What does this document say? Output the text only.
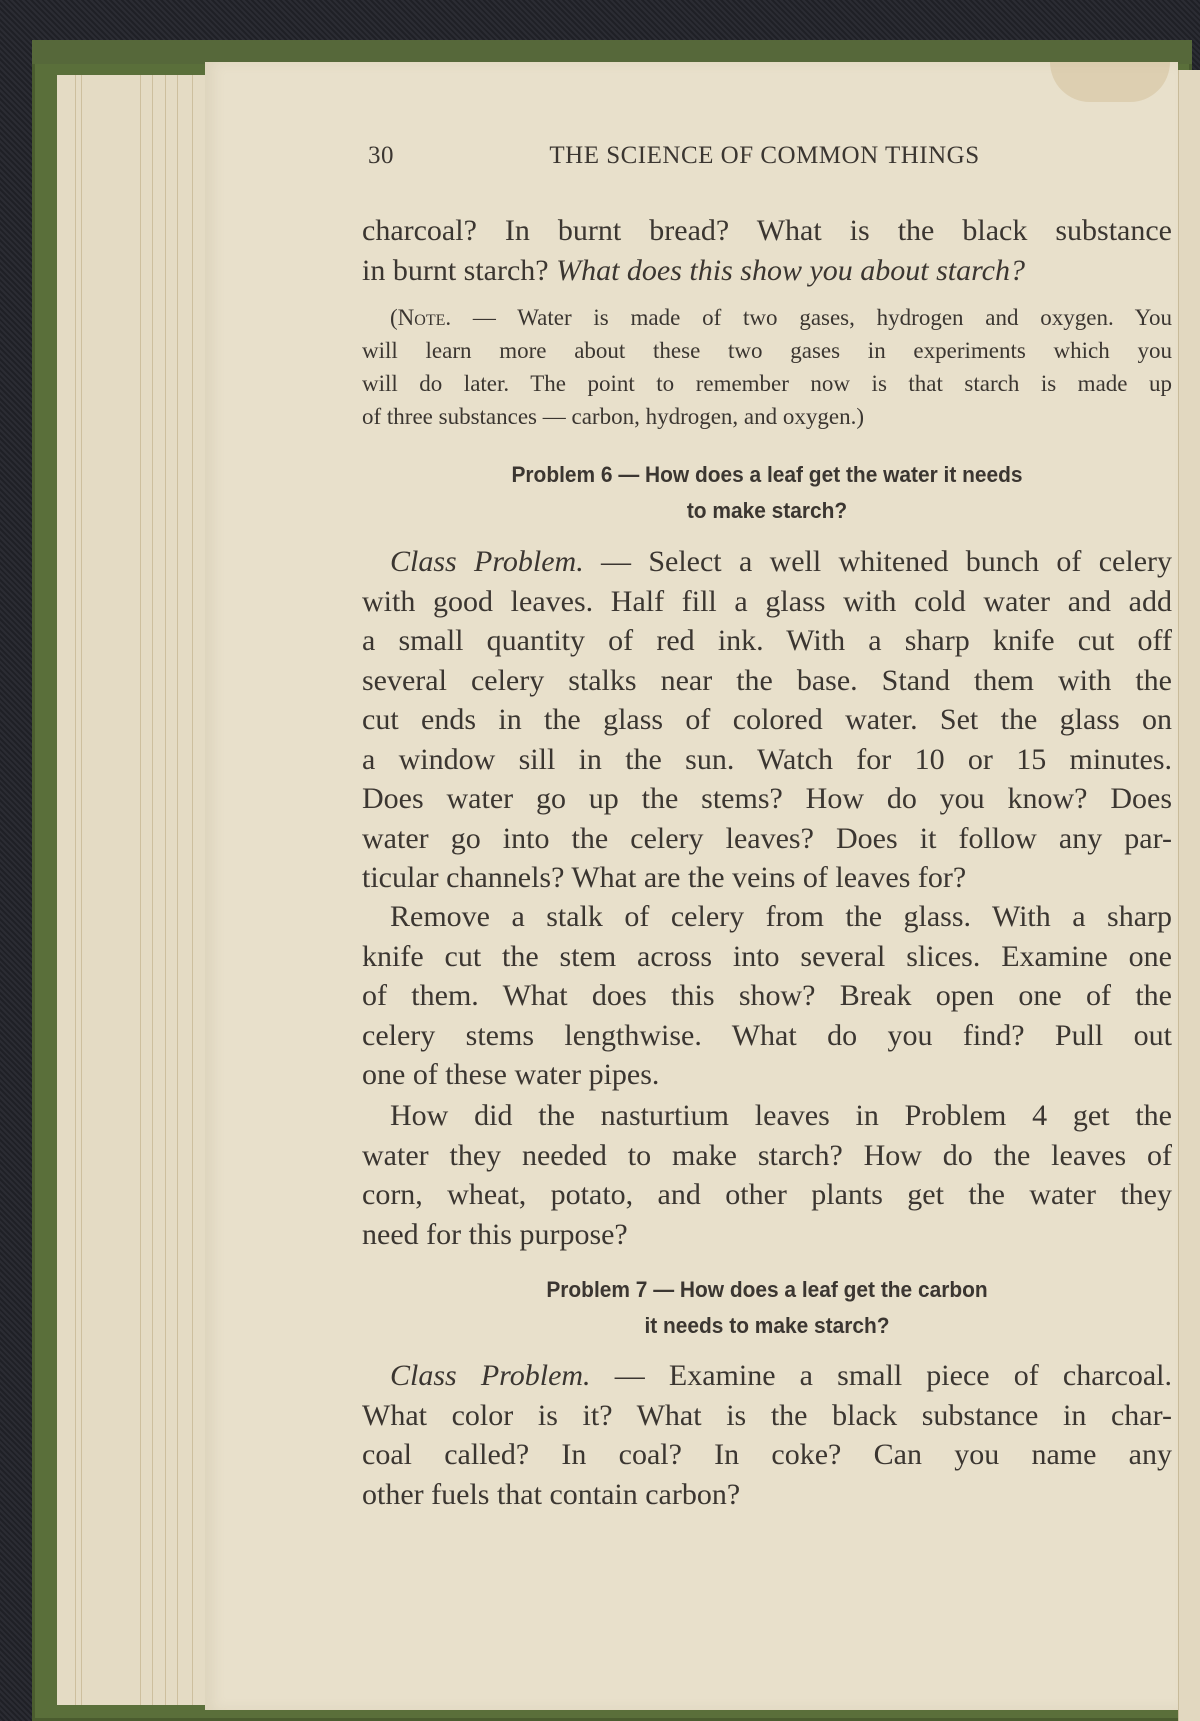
30	THE SCIENCE OF COMMON THINGS
charcoal? In burnt bread? What is the black substance
in burnt starch? What does this show you about starch?
(Note. — Water is made of two gases, hydrogen and oxygen. You
will learn more about these two gases in experiments which you
will do later. The point to remember now is that starch is made up
of three substances — carbon, hydrogen, and oxygen.)
Problem 6 — How does a leaf get the water it needs
to make starch?
Class Problem. — Select a well whitened bunch of celery
with good leaves. Half fill a glass with cold water and add
a small quantity of red ink. With a sharp knife cut off
several celery stalks near the base. Stand them with the
cut ends in the glass of colored water. Set the glass on
a window sill in the sun. Watch for 10 or 15 minutes.
Does water go up the stems? How do you know? Does
water go into the celery leaves? Does it follow any par-
ticular channels? What are the veins of leaves for?
Remove a stalk of celery from the glass. With a sharp
knife cut the stem across into several slices. Examine one
of them. What does this show? Break open one of the
celery stems lengthwise. What do you find? Pull out
one of these water pipes.
How did the nasturtium leaves in Problem 4 get the
water they needed to make starch? How do the leaves of
corn, wheat, potato, and other plants get the water they
need for this purpose?
Problem 7 — How does a leaf get the carbon
it needs to make starch?
Class Problem. — Examine a small piece of charcoal.
What color is it? What is the black substance in char-
coal called? In coal? In coke? Can you name any
other fuels that contain carbon?
